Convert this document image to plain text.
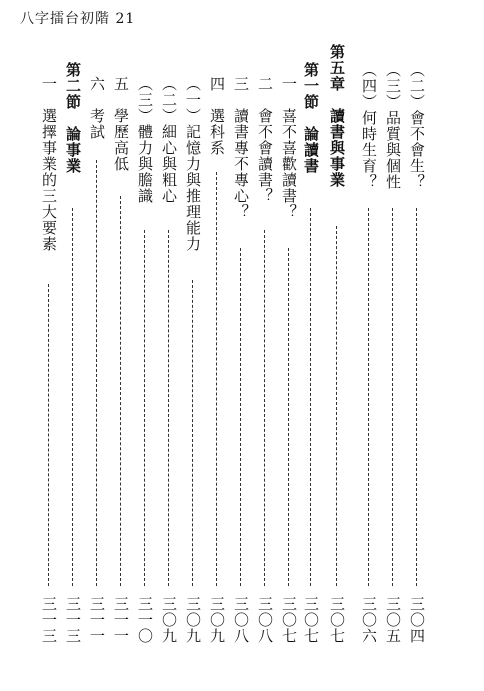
八字擂台初階 21
（二）會不會生？
三〇四
（三）品質與個性
三〇五
（四）何時生育？
三〇六
第五章　讀書與事業
三〇七
第一節　論讀書
三〇七
一　喜不喜歡讀書？
三〇七
二　會不會讀書？
三〇八
三　讀書專不專心？
三〇八
四　選科系
三〇九
（一）記憶力與推理能力
三〇九
（二）細心與粗心
三〇九
（三）體力與膽識
三一〇
五　學歷高低
三一一
六　考試
三一一
第二節　論事業
三一三
一　選擇事業的三大要素
三一三
